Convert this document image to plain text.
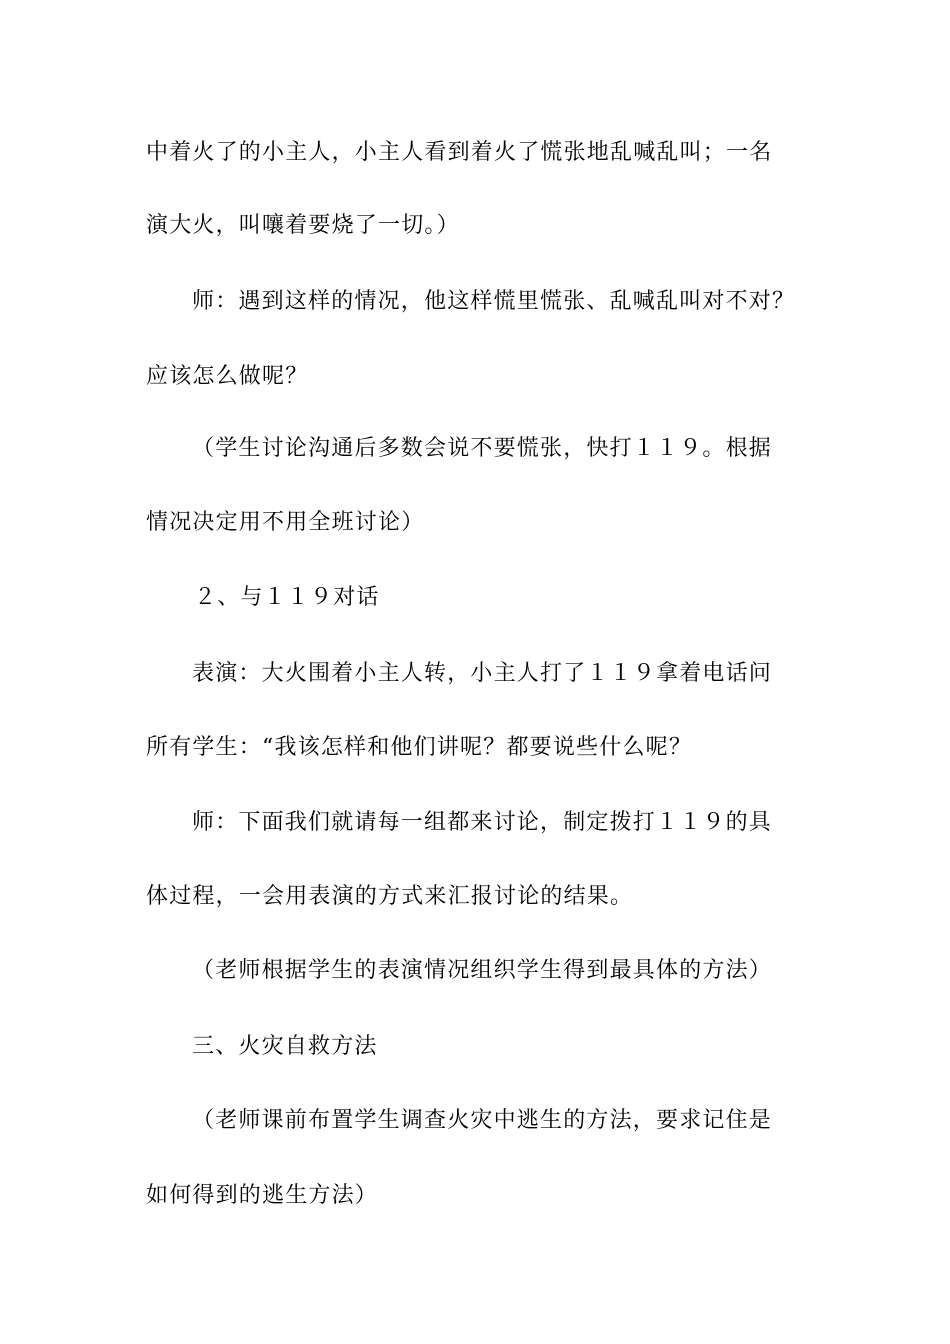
中着火了的小主人，小主人看到着火了慌张地乱喊乱叫；一名
演大火，叫嚷着要烧了一切。）
师：遇到这样的情况，他这样慌里慌张、乱喊乱叫对不对？
应该怎么做呢？
（学生讨论沟通后多数会说不要慌张，快打１１９。根据
情况决定用不用全班讨论）
２、与１１９对话
表演：大火围着小主人转，小主人打了１１９拿着电话问
所有学生：“我该怎样和他们讲呢？都要说些什么呢？
师：下面我们就请每一组都来讨论，制定拨打１１９的具
体过程，一会用表演的方式来汇报讨论的结果。
（老师根据学生的表演情况组织学生得到最具体的方法）
三、火灾自救方法
（老师课前布置学生调查火灾中逃生的方法，要求记住是
如何得到的逃生方法）
